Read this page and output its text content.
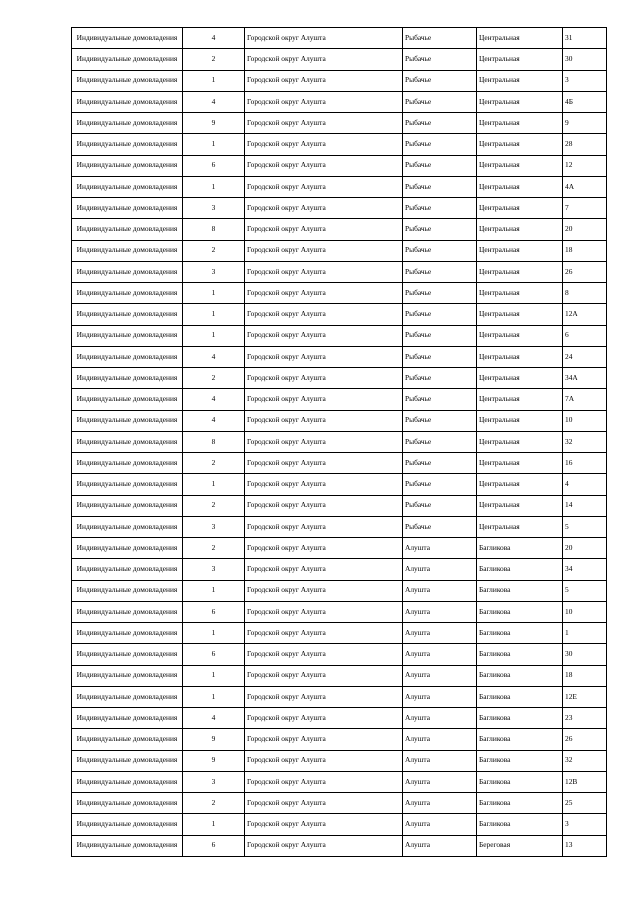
Индивидуальные домовладения	4	Городской округ Алушта	Рыбачье	Центральная	31
Индивидуальные домовладения	2	Городской округ Алушта	Рыбачье	Центральная	30
Индивидуальные домовладения	1	Городской округ Алушта	Рыбачье	Центральная	3
Индивидуальные домовладения	4	Городской округ Алушта	Рыбачье	Центральная	4Б
Индивидуальные домовладения	9	Городской округ Алушта	Рыбачье	Центральная	9
Индивидуальные домовладения	1	Городской округ Алушта	Рыбачье	Центральная	28
Индивидуальные домовладения	6	Городской округ Алушта	Рыбачье	Центральная	12
Индивидуальные домовладения	1	Городской округ Алушта	Рыбачье	Центральная	4А
Индивидуальные домовладения	3	Городской округ Алушта	Рыбачье	Центральная	7
Индивидуальные домовладения	8	Городской округ Алушта	Рыбачье	Центральная	20
Индивидуальные домовладения	2	Городской округ Алушта	Рыбачье	Центральная	18
Индивидуальные домовладения	3	Городской округ Алушта	Рыбачье	Центральная	26
Индивидуальные домовладения	1	Городской округ Алушта	Рыбачье	Центральная	8
Индивидуальные домовладения	1	Городской округ Алушта	Рыбачье	Центральная	12А
Индивидуальные домовладения	1	Городской округ Алушта	Рыбачье	Центральная	6
Индивидуальные домовладения	4	Городской округ Алушта	Рыбачье	Центральная	24
Индивидуальные домовладения	2	Городской округ Алушта	Рыбачье	Центральная	34А
Индивидуальные домовладения	4	Городской округ Алушта	Рыбачье	Центральная	7А
Индивидуальные домовладения	4	Городской округ Алушта	Рыбачье	Центральная	10
Индивидуальные домовладения	8	Городской округ Алушта	Рыбачье	Центральная	32
Индивидуальные домовладения	2	Городской округ Алушта	Рыбачье	Центральная	16
Индивидуальные домовладения	1	Городской округ Алушта	Рыбачье	Центральная	4
Индивидуальные домовладения	2	Городской округ Алушта	Рыбачье	Центральная	14
Индивидуальные домовладения	3	Городской округ Алушта	Рыбачье	Центральная	5
Индивидуальные домовладения	2	Городской округ Алушта	Алушта	Багликова	20
Индивидуальные домовладения	3	Городской округ Алушта	Алушта	Багликова	34
Индивидуальные домовладения	1	Городской округ Алушта	Алушта	Багликова	5
Индивидуальные домовладения	6	Городской округ Алушта	Алушта	Багликова	10
Индивидуальные домовладения	1	Городской округ Алушта	Алушта	Багликова	1
Индивидуальные домовладения	6	Городской округ Алушта	Алушта	Багликова	30
Индивидуальные домовладения	1	Городской округ Алушта	Алушта	Багликова	18
Индивидуальные домовладения	1	Городской округ Алушта	Алушта	Багликова	12Е
Индивидуальные домовладения	4	Городской округ Алушта	Алушта	Багликова	23
Индивидуальные домовладения	9	Городской округ Алушта	Алушта	Багликова	26
Индивидуальные домовладения	9	Городской округ Алушта	Алушта	Багликова	32
Индивидуальные домовладения	3	Городской округ Алушта	Алушта	Багликова	12В
Индивидуальные домовладения	2	Городской округ Алушта	Алушта	Багликова	25
Индивидуальные домовладения	1	Городской округ Алушта	Алушта	Багликова	3
Индивидуальные домовладения	6	Городской округ Алушта	Алушта	Береговая	13
